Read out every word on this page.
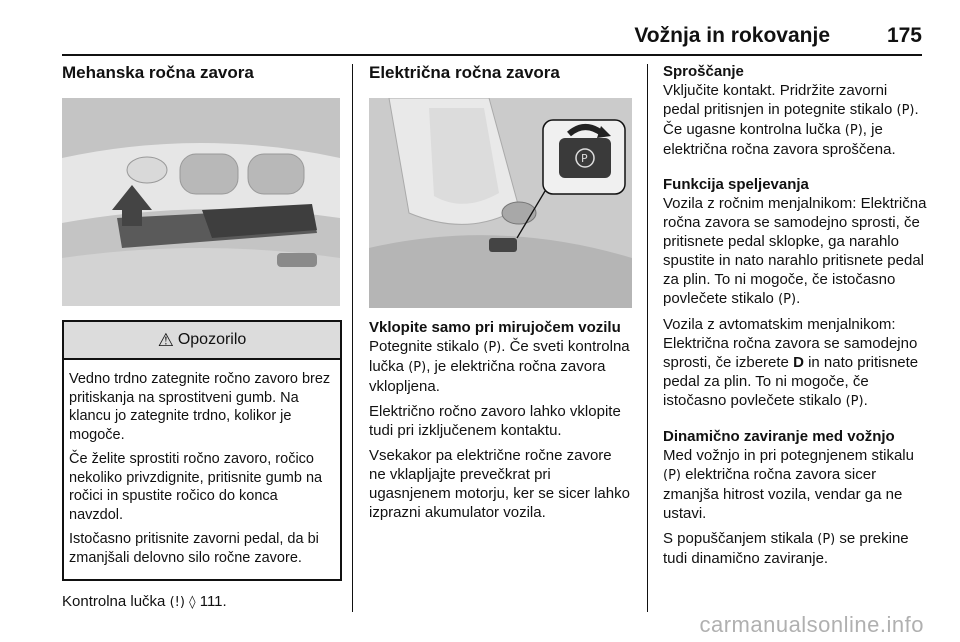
Vožnja in rokovanje	175
Mehanska ročna zavora
⚠ Opozorilo

Vedno trdno zategnite ročno zavoro brez pritiskanja na sprostitveni gumb. Na klancu jo zategnite trdno, kolikor je mogoče.

Če želite sprostiti ročno zavoro, ročico nekoliko privzdignite, pritisnite gumb na ročici in spustite ročico do konca navzdol.

Istočasno pritisnite zavorni pedal, da bi zmanjšali delovno silo ročne zavore.

Kontrolna lučka (!) ◊ 111.
Električna ročna zavora
P

Vklopite samo pri mirujočem vozilu

Potegnite stikalo (P). Če sveti kontrolna lučka (P), je električna ročna zavora vklopljena.

Električno ročno zavoro lahko vklopite tudi pri izključenem kontaktu.

Vsekakor pa električne ročne zavore ne vklapljajte prevečkrat pri ugasnjenem motorju, ker se sicer lahko izprazni akumulator vozila.

Sproščanje

Vključite kontakt. Pridržite zavorni pedal pritisnjen in potegnite stikalo (P). Če ugasne kontrolna lučka (P), je električna ročna zavora sproščena.

Funkcija speljevanja

Vozila z ročnim menjalnikom: Električna ročna zavora se samodejno sprosti, če pritisnete pedal sklopke, ga narahlo spustite in nato narahlo pritisnete pedal za plin. To ni mogoče, če istočasno povlečete stikalo (P).

Vozila z avtomatskim menjalnikom: Električna ročna zavora se samodejno sprosti, če izberete D in nato pritisnete pedal za plin. To ni mogoče, če istočasno povlečete stikalo (P).

Dinamično zaviranje med vožnjo

Med vožnjo in pri potegnjenem stikalu (P) električna ročna zavora sicer zmanjša hitrost vozila, vendar ga ne ustavi.

S popuščanjem stikala (P) se prekine tudi dinamično zaviranje.

carmanualsonline.info
